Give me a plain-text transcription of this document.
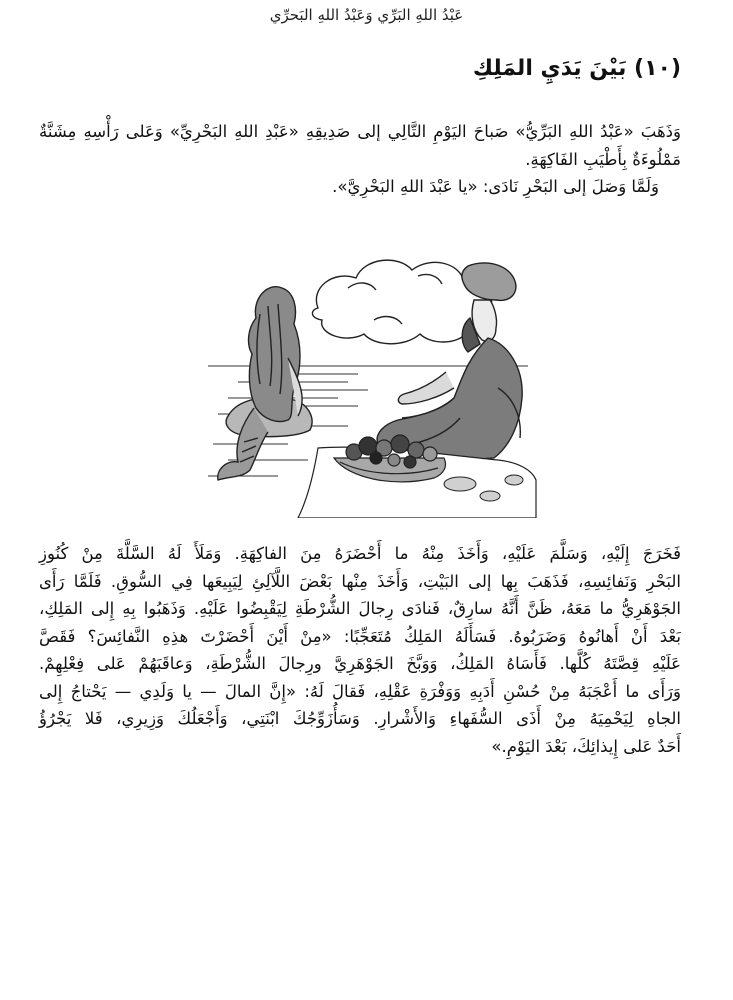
عَبْدُ اللهِ البَرِّي وَعَبْدُ اللهِ البَحرِّي
(١٠) بَيْنَ يَدَيِ المَلِكِ
وَذَهَبَ «عَبْدُ اللهِ البَرِّيُّ» صَباحَ اليَوْمِ التَّالِي إلى صَدِيقِهِ «عَبْدِ اللهِ البَحْرِيِّ» وَعَلى رَأْسِهِ مِشَنَّةٌ
مَمْلُوءَةٌ بِأَطْيَبِ الفَاكِهَةِ.
وَلَمَّا وَصَلَ إلى البَحْرِ نَادَى: «يا عَبْدَ اللهِ البَحْرِيَّ».
فَخَرَجَ إِلَيْهِ، وَسَلَّمَ عَلَيْهِ، وَأَخَذَ مِنْهُ ما أَحْضَرَهُ مِنَ الفاكِهَةِ. وَمَلَأَ لَهُ السَّلَّةَ مِنْ كُنُوزِ
البَحْرِ وَنَفائِسِهِ، فَذَهَبَ بِها إلى البَيْتِ، وَأَخَذَ مِنْها بَعْضَ اللَّآلِئِ لِيَبِيعَها فِي السُّوقِ. فَلَمَّا رَأَى
الجَوْهَرِيُّ ما مَعَهُ، ظَنَّ أَنَّهُ سارِقٌ، فَنادَى رِجالَ الشُّرْطَةِ لِيَقْبِضُوا عَلَيْهِ. وَذَهَبُوا بِهِ إِلى المَلِكِ،
بَعْدَ أَنْ أَهانُوهُ وَضَرَبُوهُ. فَسَأَلَهُ المَلِكُ مُتَعَجِّبًا: «مِنْ أَيْنَ أَحْضَرْتَ هذِهِ النَّفائِسَ؟ فَقَصَّ
عَلَيْهِ قِصَّتَهُ كُلَّها. فَأَسَاهُ المَلِكُ، وَوَبَّخَ الجَوْهَرِيَّ ورِجالَ الشُّرْطَةِ، وَعاقَبَهُمْ عَلى فِعْلِهِمْ.
وَرَأَى ما أَعْجَبَهُ مِنْ حُسْنِ أَدَبِهِ وَوَفْرَةِ عَقْلِهِ، فَقالَ لَهُ: «إِنَّ المالَ — يا وَلَدِي — يَحْتاجُ إِلى
الجاهِ لِيَحْمِيَهُ مِنْ أَذَى السُّفَهاءِ وَالأَشْرارِ. وَسَأُزَوِّجُكَ ابْنَتِي، وَأَجْعَلُكَ وَزِيرِي، فَلا يَجْرُؤُ
أَحَدٌ عَلى إِيذائِكَ، بَعْدَ اليَوْمِ.»
